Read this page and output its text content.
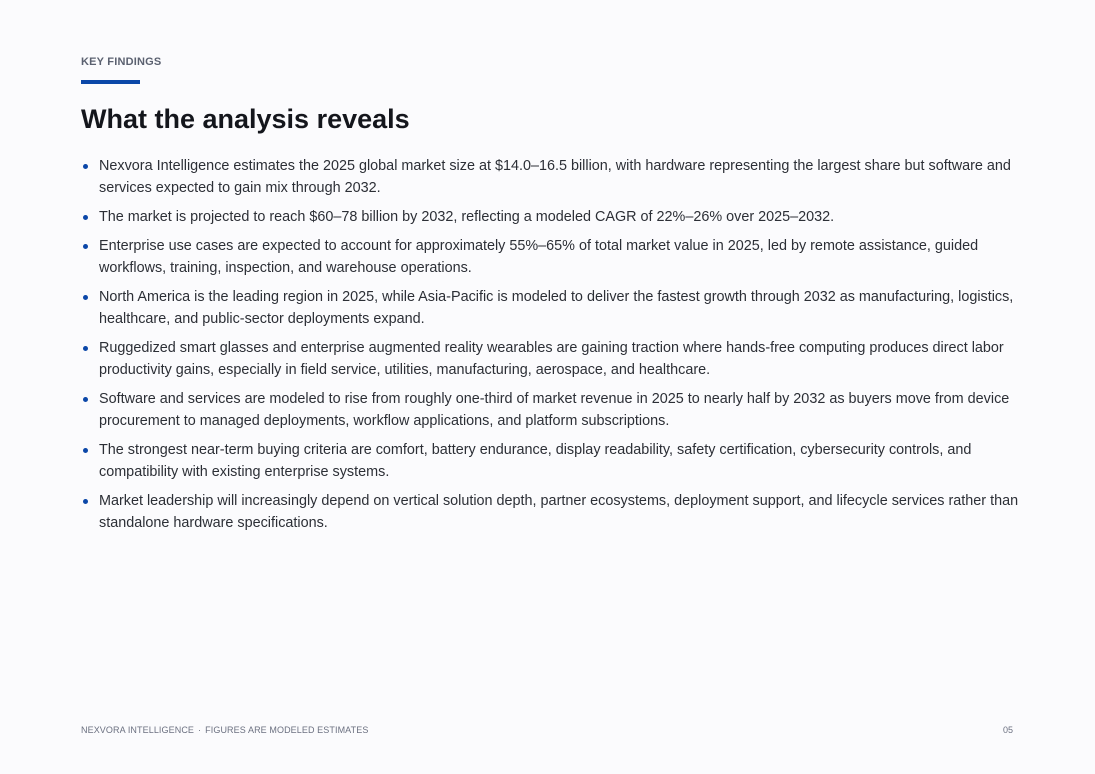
KEY FINDINGS
What the analysis reveals
Nexvora Intelligence estimates the 2025 global market size at $14.0–16.5 billion, with hardware representing the largest share but software and services expected to gain mix through 2032.
The market is projected to reach $60–78 billion by 2032, reflecting a modeled CAGR of 22%–26% over 2025–2032.
Enterprise use cases are expected to account for approximately 55%–65% of total market value in 2025, led by remote assistance, guided workflows, training, inspection, and warehouse operations.
North America is the leading region in 2025, while Asia-Pacific is modeled to deliver the fastest growth through 2032 as manufacturing, logistics, healthcare, and public-sector deployments expand.
Ruggedized smart glasses and enterprise augmented reality wearables are gaining traction where hands-free computing produces direct labor productivity gains, especially in field service, utilities, manufacturing, aerospace, and healthcare.
Software and services are modeled to rise from roughly one-third of market revenue in 2025 to nearly half by 2032 as buyers move from device procurement to managed deployments, workflow applications, and platform subscriptions.
The strongest near-term buying criteria are comfort, battery endurance, display readability, safety certification, cybersecurity controls, and compatibility with existing enterprise systems.
Market leadership will increasingly depend on vertical solution depth, partner ecosystems, deployment support, and lifecycle services rather than standalone hardware specifications.
NEXVORA INTELLIGENCE · FIGURES ARE MODELED ESTIMATES	05
